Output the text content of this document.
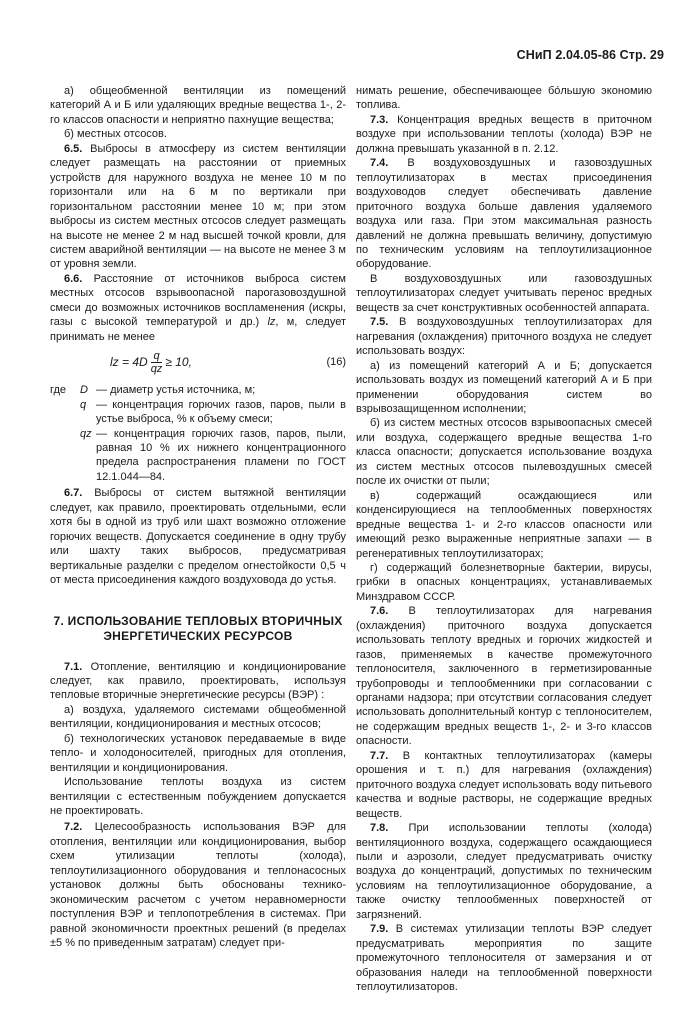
СНиП 2.04.05-86 Стр. 29

а) общеобменной вентиляции из помещений категорий А и Б или удаляющих вредные вещества 1-, 2-го классов опасности и неприятно пахнущие вещества;

б) местных отсосов.

6.5. Выбросы в атмосферу из систем вентиляции следует размещать на расстоянии от приемных устройств для наружного воздуха не менее 10 м по горизонтали или на 6 м по вертикали при горизонтальном расстоянии менее 10 м; при этом выбросы из систем местных отсосов следует размещать на высоте не менее 2 м над высшей точкой кровли, для систем аварийной вентиляции — на высоте не менее 3 м от уровня земли.

6.6. Расстояние от источников выброса систем местных отсосов взрывоопасной парогазовоздушной смеси до возможных источников воспламенения (искры, газы с высокой температурой и др.) lz, м, следует принимать не менее

lz = $4D \frac{q}{qz} \ge 10$,	(16)
где	D — диаметр устья источника, м;
q — концентрация горючих газов, паров, пыли в устье выброса, % к объему смеси;
qz — концентрация горючих газов, паров, пыли, равная 10 % их нижнего концентрационного предела распространения пламени по ГОСТ 12.1.044—84.

6.7. Выбросы от систем вытяжной вентиляции следует, как правило, проектировать отдельными, если хотя бы в одной из труб или шахт возможно отложение горючих веществ. Допускается соединение в одну трубу или шахту таких выбросов, предусматривая вертикальные разделки с пределом огнестойкости 0,5 ч от места присоединения каждого воздуховода до устья.

7. ИСПОЛЬЗОВАНИЕ ТЕПЛОВЫХ ВТОРИЧНЫХ
ЭНЕРГЕТИЧЕСКИХ РЕСУРСОВ

7.1. Отопление, вентиляцию и кондиционирование следует, как правило, проектировать, используя тепловые вторичные энергетические ресурсы (ВЭР) :

а) воздуха, удаляемого системами общеобменной вентиляции, кондиционирования и местных отсосов;

б) технологических установок передаваемые в виде тепло- и холодоносителей, пригодных для отопления, вентиляции и кондиционирования.

Использование теплоты воздуха из систем вентиляции с естественным побуждением допускается не проектировать.

7.2. Целесообразность использования ВЭР для отопления, вентиляции или кондиционирования, выбор схем утилизации теплоты (холода), теплоутилизационного оборудования и теплонасосных установок должны быть обоснованы технико-экономическим расчетом с учетом неравномерности поступления ВЭР и теплопотребления в системах. При равной экономичности проектных решений (в пределах ±5 % по приведенным затратам) следует при-

нимать решение, обеспечивающее бо́льшую экономию топлива.

7.3. Концентрация вредных веществ в приточном воздухе при использовании теплоты (холода) ВЭР не должна превышать указанной в п. 2.12.

7.4. В воздуховоздушных и газовоздушных теплоутилизаторах в местах присоединения воздуховодов следует обеспечивать давление приточного воздуха больше давления удаляемого воздуха или газа. При этом максимальная разность давлений не должна превышать величину, допустимую по техническим условиям на теплоутилизационное оборудование.

В воздуховоздушных или газовоздушных теплоутилизаторах следует учитывать перенос вредных веществ за счет конструктивных особенностей аппарата.

7.5. В воздуховоздушных теплоутилизаторах для нагревания (охлаждения) приточного воздуха не следует использовать воздух:

а) из помещений категорий А и Б; допускается использовать воздух из помещений категорий А и Б при применении оборудования систем во взрывозащищенном исполнении;

б) из систем местных отсосов взрывоопасных смесей или воздуха, содержащего вредные вещества 1-го класса опасности; допускается использование воздуха из систем местных отсосов пылевоздушных смесей после их очистки от пыли;

в) содержащий осаждающиеся или конденсирующиеся на теплообменных поверхностях вредные вещества 1- и 2-го классов опасности или имеющий резко выраженные неприятные запахи — в регенеративных теплоутилизаторах;

г) содержащий болезнетворные бактерии, вирусы, грибки в опасных концентрациях, устанавливаемых Минздравом СССР.

7.6. В теплоутилизаторах для нагревания (охлаждения) приточного воздуха допускается использовать теплоту вредных и горючих жидкостей и газов, применяемых в качестве промежуточного теплоносителя, заключенного в герметизированные трубопроводы и теплообменники при согласовании с органами надзора; при отсутствии согласования следует использовать дополнительный контур с теплоносителем, не содержащим вредных веществ 1-, 2- и 3-го классов опасности.

7.7. В контактных теплоутилизаторах (камеры орошения и т. п.) для нагревания (охлаждения) приточного воздуха следует использовать воду питьевого качества и водные растворы, не содержащие вредных веществ.

7.8. При использовании теплоты (холода) вентиляционного воздуха, содержащего осаждающиеся пыли и аэрозоли, следует предусматривать очистку воздуха до концентраций, допустимых по техническим условиям на теплоутилизационное оборудование, а также очистку теплообменных поверхностей от загрязнений.

7.9. В системах утилизации теплоты ВЭР следует предусматривать мероприятия по защите промежуточного теплоносителя от замерзания и от образования наледи на теплообменной поверхности теплоутилизаторов.
